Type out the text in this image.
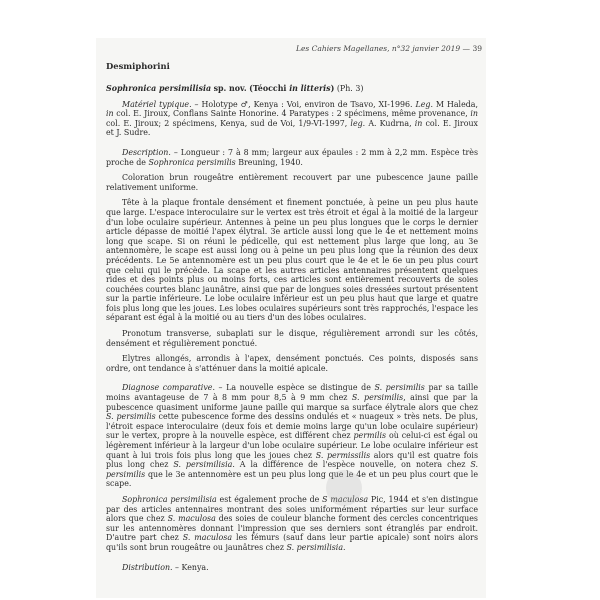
Les Cahiers Magellanes, n°32 janvier 2019 — 39
Desmiphorini

Sophronica persimilisia sp. nov. (Téocchi in litteris) (Ph. 3)

Matériel typique. – Holotype ♂, Kenya : Voi, environ de Tsavo, XI-1996. Leg. M Haleda, in col. E. Jiroux, Conflans Sainte Honorine. 4 Paratypes : 2 spécimens, même provenance, in col. E. Jiroux; 2 spécimens, Kenya, sud de Voi, 1/9-VI-1997, leg. A. Kudrna, in col. E. Jiroux et J. Sudre.

Description. – Longueur : 7 à 8 mm; largeur aux épaules : 2 mm à 2,2 mm. Espèce très proche de Sophronica persimilis Breuning, 1940.

Coloration brun rougeâtre entièrement recouvert par une pubescence jaune paille relativement uniforme.

Tête à la plaque frontale densément et finement ponctuée, à peine un peu plus haute que large. L'espace interoculaire sur le vertex est très étroit et égal à la moitié de la largeur d'un lobe oculaire supérieur. Antennes à peine un peu plus longues que le corps le dernier article dépasse de moitié l'apex élytral. 3e article aussi long que le 4e et nettement moins long que scape. Si on réuni le pédicelle, qui est nettement plus large que long, au 3e antennomère, le scape est aussi long ou à peine un peu plus long que la réunion des deux précédents. Le 5e antennomère est un peu plus court que le 4e et le 6e un peu plus court que celui qui le précède. La scape et les autres articles antennaires présentent quelques rides et des points plus ou moins forts, ces articles sont entièrement recouverts de soies couchées courtes blanc jaunâtre, ainsi que par de longues soies dressées surtout présentent sur la partie inférieure. Le lobe oculaire inférieur est un peu plus haut que large et quatre fois plus long que les joues. Les lobes oculaires supérieurs sont très rapprochés, l'espace les séparant est égal à la moitié ou au tiers d'un des lobes oculaires.

Pronotum transverse, subaplati sur le disque, régulièrement arrondi sur les côtés, densément et régulièrement ponctué.

Elytres allongés, arrondis à l'apex, densément ponctués. Ces points, disposés sans ordre, ont tendance à s'atténuer dans la moitié apicale.

Diagnose comparative. – La nouvelle espèce se distingue de S. persimilis par sa taille moins avantageuse de 7 à 8 mm pour 8,5 à 9 mm chez S. persimilis, ainsi que par la pubescence quasiment uniforme jaune paille qui marque sa surface élytrale alors que chez S. persimilis cette pubescence forme des dessins ondulés et « nuageux » très nets. De plus, l'étroit espace interoculaire (deux fois et demie moins large qu'un lobe oculaire supérieur) sur le vertex, propre à la nouvelle espèce, est différent chez permilis où celui-ci est égal ou légèrement inférieur à la largeur d'un lobe oculaire supérieur. Le lobe oculaire inférieur est quant à lui trois fois plus long que les joues chez S. permissilis alors qu'il est quatre fois plus long chez S. persimilisia. A la différence de l'espèce nouvelle, on notera chez S. persimilis que le 3e antennomère est un peu plus long que le 4e et un peu plus court que le scape.

Sophronica persimilisia est également proche de S maculosa Pic, 1944 et s'en distingue par des articles antennaires montrant des soies uniformément réparties sur leur surface alors que chez S. maculosa des soies de couleur blanche forment des cercles concentriques sur les antennomères donnant l'impression que ses derniers sont étranglés par endroit. D'autre part chez S. maculosa les fémurs (sauf dans leur partie apicale) sont noirs alors qu'ils sont brun rougeâtre ou jaunâtres chez S. persimilisia.

Distribution. – Kenya.
